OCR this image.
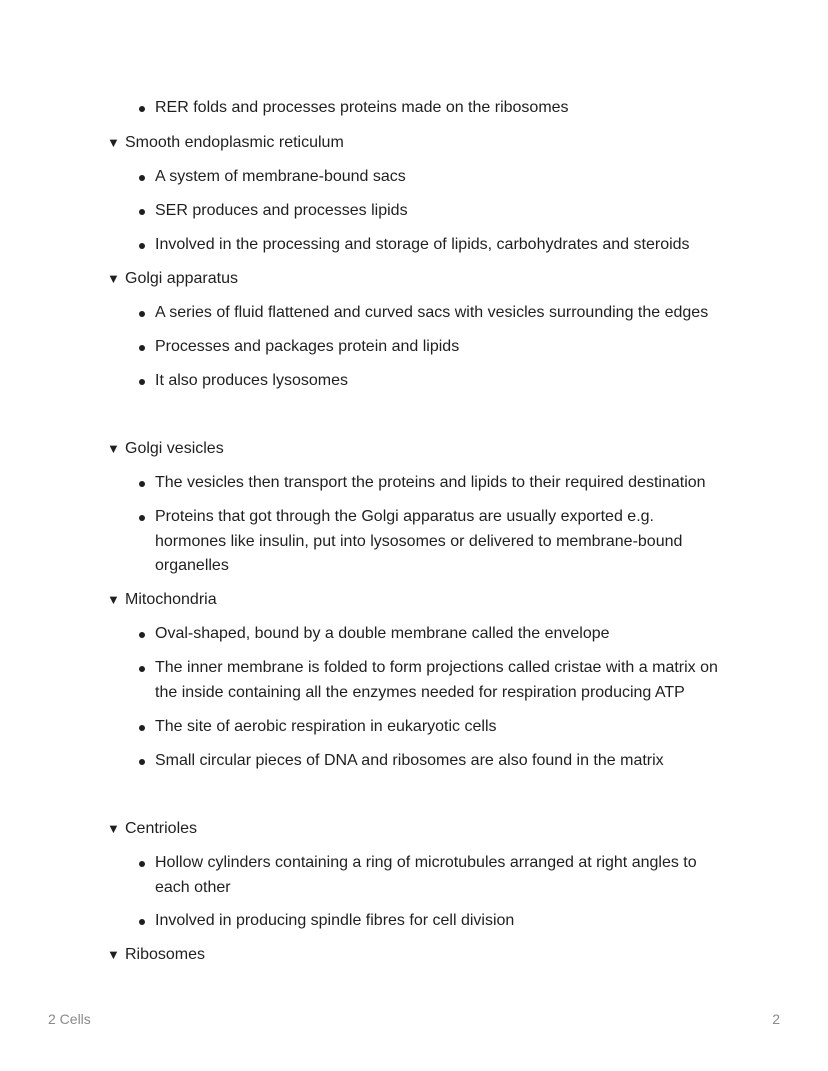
RER folds and processes proteins made on the ribosomes
▼ Smooth endoplasmic reticulum
A system of membrane-bound sacs
SER produces and processes lipids
Involved in the processing and storage of lipids, carbohydrates and steroids
▼ Golgi apparatus
A series of fluid flattened and curved sacs with vesicles surrounding the edges
Processes and packages protein and lipids
It also produces lysosomes
▼ Golgi vesicles
The vesicles then transport the proteins and lipids to their required destination
Proteins that got through the Golgi apparatus are usually exported e.g. hormones like insulin, put into lysosomes or delivered to membrane-bound organelles
▼ Mitochondria
Oval-shaped, bound by a double membrane called the envelope
The inner membrane is folded to form projections called cristae with a matrix on the inside containing all the enzymes needed for respiration producing ATP
The site of aerobic respiration in eukaryotic cells
Small circular pieces of DNA and ribosomes are also found in the matrix
▼ Centrioles
Hollow cylinders containing a ring of microtubules arranged at right angles to each other
Involved in producing spindle fibres for cell division
▼ Ribosomes
2 Cells	2
